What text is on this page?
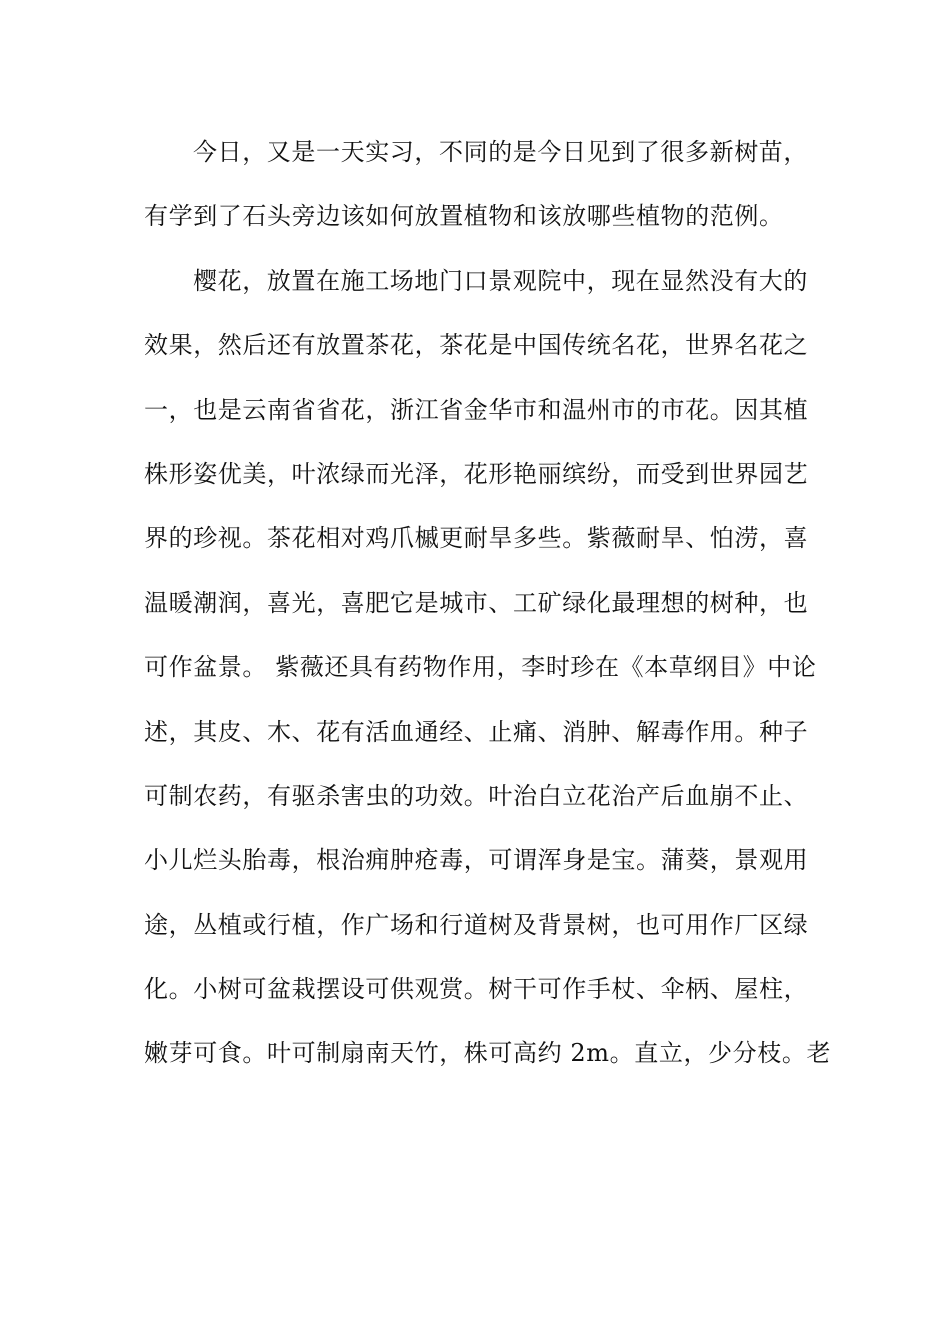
今日，又是一天实习，不同的是今日见到了很多新树苗，
有学到了石头旁边该如何放置植物和该放哪些植物的范例。
樱花，放置在施工场地门口景观院中，现在显然没有大的
效果，然后还有放置茶花，茶花是中国传统名花，世界名花之
一，也是云南省省花，浙江省金华市和温州市的市花。因其植
株形姿优美，叶浓绿而光泽，花形艳丽缤纷，而受到世界园艺
界的珍视。茶花相对鸡爪槭更耐旱多些。紫薇耐旱、怕涝，喜
温暖潮润，喜光，喜肥它是城市、工矿绿化最理想的树种，也
可作盆景。 紫薇还具有药物作用，李时珍在《本草纲目》中论
述，其皮、木、花有活血通经、止痛、消肿、解毒作用。种子
可制农药，有驱杀害虫的功效。叶治白立花治产后血崩不止、
小儿烂头胎毒，根治痈肿疮毒，可谓浑身是宝。蒲葵，景观用
途，丛植或行植，作广场和行道树及背景树，也可用作厂区绿
化。小树可盆栽摆设可供观赏。树干可作手杖、伞柄、屋柱，
嫩芽可食。叶可制扇南天竹，株可高约 2m。直立，少分枝。老
